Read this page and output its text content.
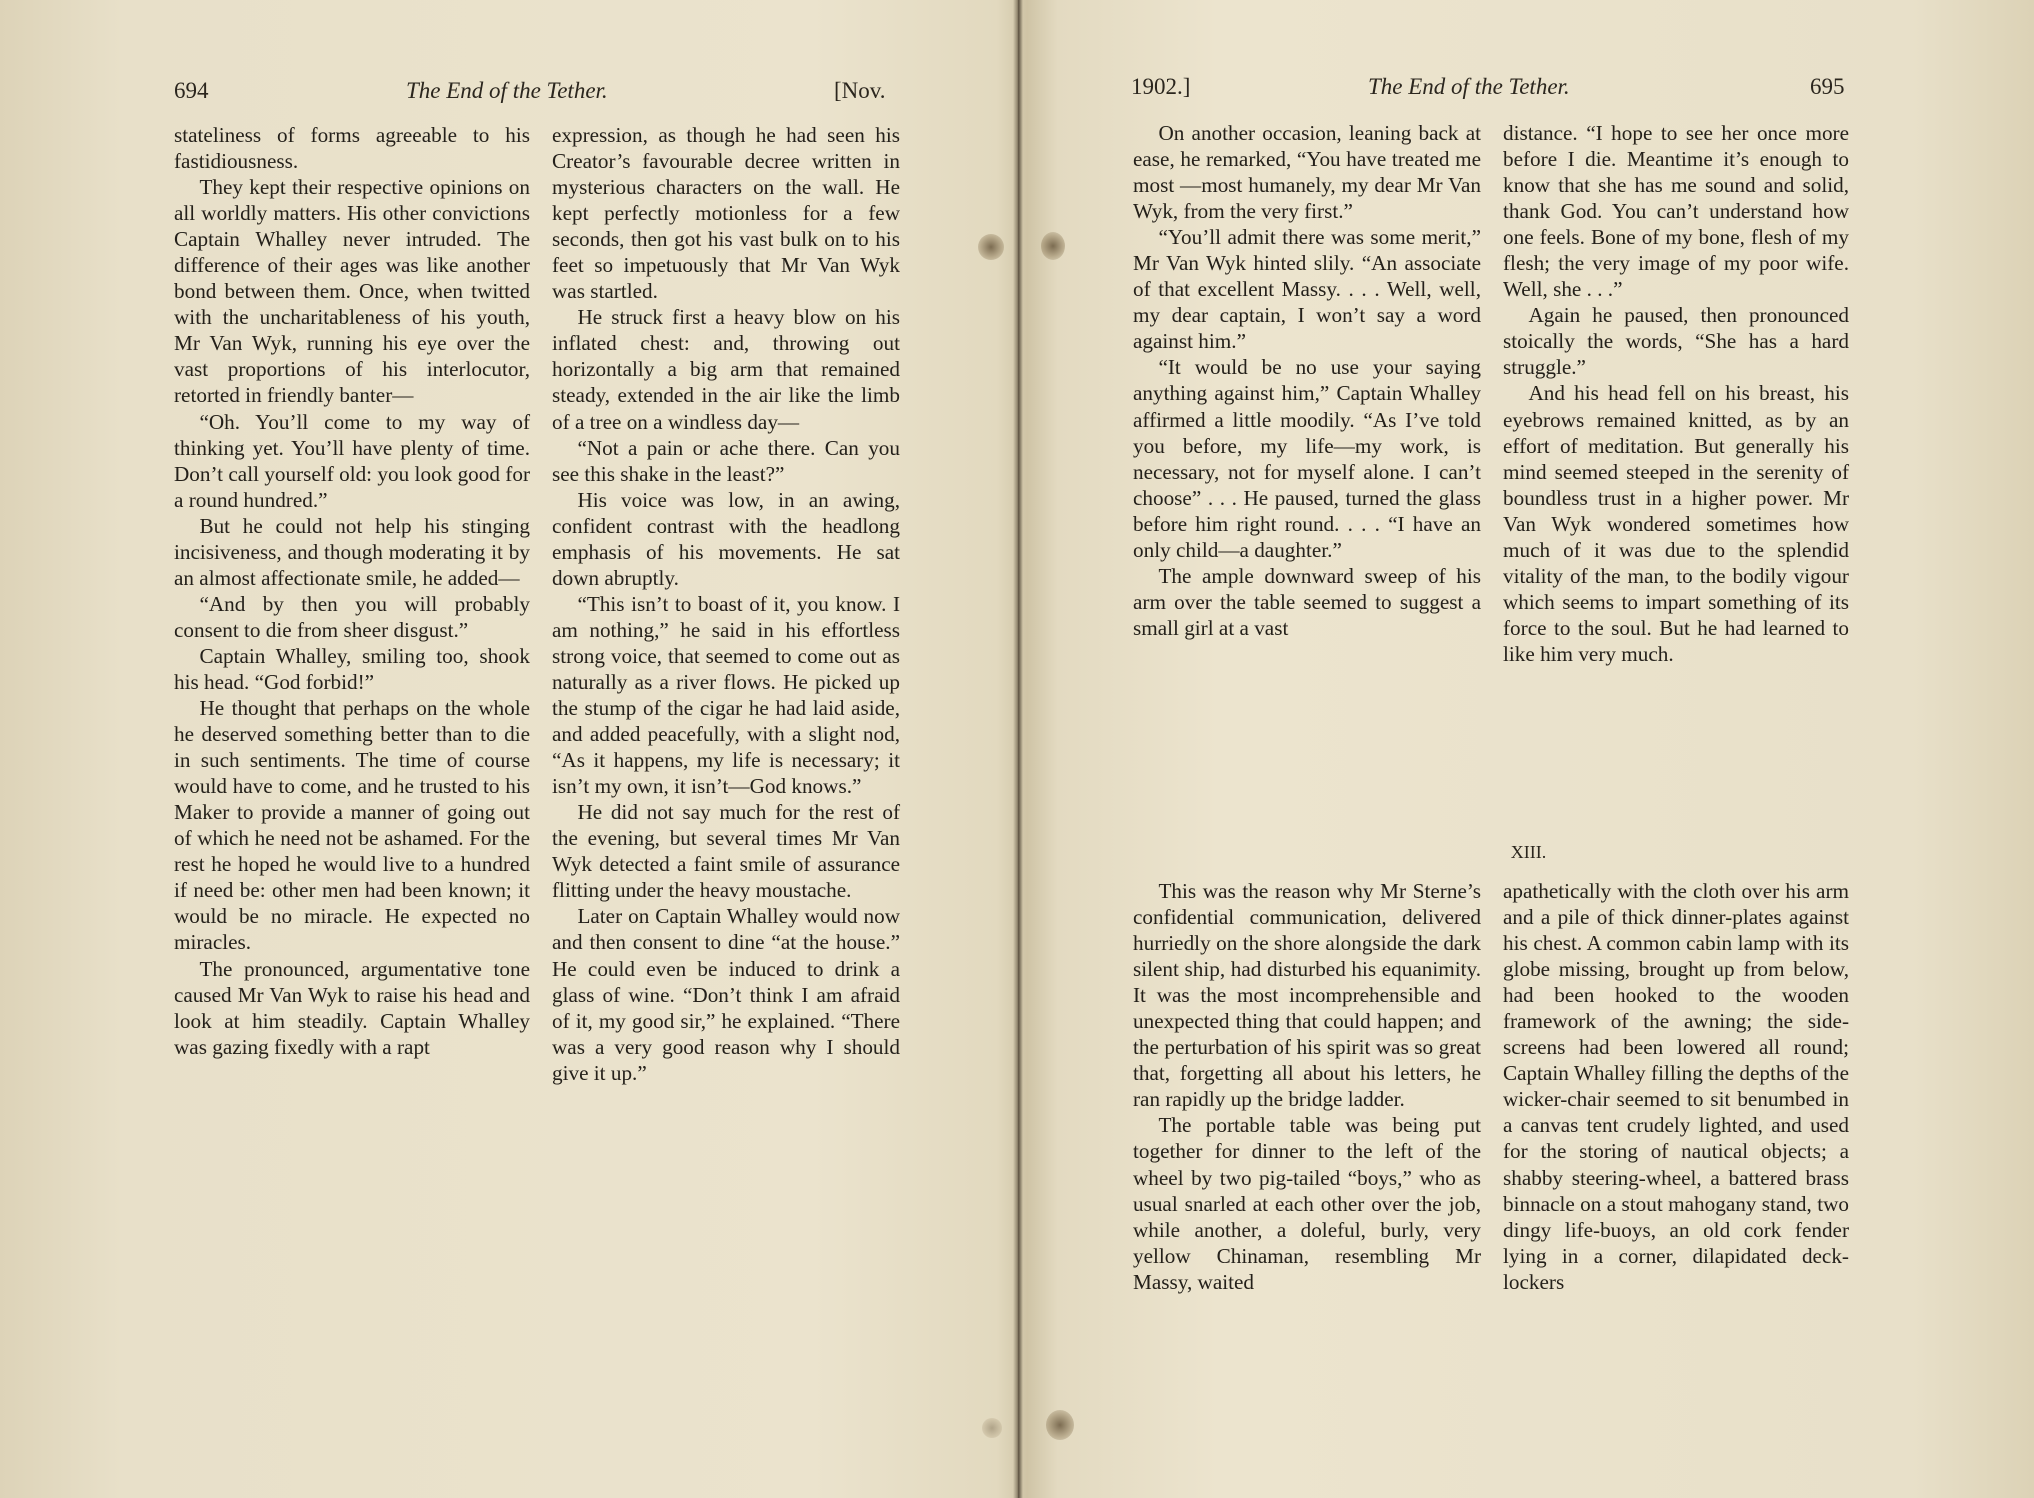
694	The End of the Tether.	[Nov.

stateliness of forms agreeable to his fastidiousness.

They kept their respective opinions on all worldly matters. His other convictions Captain Whalley never intruded. The difference of their ages was like another bond between them. Once, when twitted with the uncharitableness of his youth, Mr Van Wyk, running his eye over the vast proportions of his interlocutor, retorted in friendly banter—

“Oh. You’ll come to my way of thinking yet. You’ll have plenty of time. Don’t call yourself old: you look good for a round hundred.”

But he could not help his stinging incisiveness, and though moderating it by an almost affectionate smile, he added—

“And by then you will probably consent to die from sheer disgust.”

Captain Whalley, smiling too, shook his head. “God forbid!”

He thought that perhaps on the whole he deserved something better than to die in such sentiments. The time of course would have to come, and he trusted to his Maker to provide a manner of going out of which he need not be ashamed. For the rest he hoped he would live to a hundred if need be: other men had been known; it would be no miracle. He expected no miracles.

The pronounced, argumentative tone caused Mr Van Wyk to raise his head and look at him steadily. Captain Whalley was gazing fixedly with a rapt

expression, as though he had seen his Creator’s favourable decree written in mysterious characters on the wall. He kept perfectly motionless for a few seconds, then got his vast bulk on to his feet so impetuously that Mr Van Wyk was startled.

He struck first a heavy blow on his inflated chest: and, throwing out horizontally a big arm that remained steady, extended in the air like the limb of a tree on a windless day—

“Not a pain or ache there. Can you see this shake in the least?”

His voice was low, in an awing, confident contrast with the headlong emphasis of his movements. He sat down abruptly.

“This isn’t to boast of it, you know. I am nothing,” he said in his effortless strong voice, that seemed to come out as naturally as a river flows. He picked up the stump of the cigar he had laid aside, and added peacefully, with a slight nod, “As it happens, my life is necessary; it isn’t my own, it isn’t—God knows.”

He did not say much for the rest of the evening, but several times Mr Van Wyk detected a faint smile of assurance flitting under the heavy moustache.

Later on Captain Whalley would now and then consent to dine “at the house.” He could even be induced to drink a glass of wine. “Don’t think I am afraid of it, my good sir,” he explained. “There was a very good reason why I should give it up.”

1902.]	The End of the Tether.	695

On another occasion, leaning back at ease, he remarked, “You have treated me most —most humanely, my dear Mr Van Wyk, from the very first.”

“You’ll admit there was some merit,” Mr Van Wyk hinted slily. “An associate of that excellent Massy. . . . Well, well, my dear captain, I won’t say a word against him.”

“It would be no use your saying anything against him,” Captain Whalley affirmed a little moodily. “As I’ve told you before, my life—my work, is necessary, not for myself alone. I can’t choose” . . . He paused, turned the glass before him right round. . . . “I have an only child—a daughter.”

The ample downward sweep of his arm over the table seemed to suggest a small girl at a vast

distance. “I hope to see her once more before I die. Meantime it’s enough to know that she has me sound and solid, thank God. You can’t understand how one feels. Bone of my bone, flesh of my flesh; the very image of my poor wife. Well, she . . .”

Again he paused, then pronounced stoically the words, “She has a hard struggle.”

And his head fell on his breast, his eyebrows remained knitted, as by an effort of meditation. But generally his mind seemed steeped in the serenity of boundless trust in a higher power. Mr Van Wyk wondered sometimes how much of it was due to the splendid vitality of the man, to the bodily vigour which seems to impart something of its force to the soul. But he had learned to like him very much.

XIII.

This was the reason why Mr Sterne’s confidential communication, delivered hurriedly on the shore alongside the dark silent ship, had disturbed his equanimity. It was the most incomprehensible and unexpected thing that could happen; and the perturbation of his spirit was so great that, forgetting all about his letters, he ran rapidly up the bridge ladder.

The portable table was being put together for dinner to the left of the wheel by two pig-tailed “boys,” who as usual snarled at each other over the job, while another, a doleful, burly, very yellow Chinaman, resembling Mr Massy, waited

apathetically with the cloth over his arm and a pile of thick dinner-plates against his chest. A common cabin lamp with its globe missing, brought up from below, had been hooked to the wooden framework of the awning; the side-screens had been lowered all round; Captain Whalley filling the depths of the wicker-chair seemed to sit benumbed in a canvas tent crudely lighted, and used for the storing of nautical objects; a shabby steering-wheel, a battered brass binnacle on a stout mahogany stand, two dingy life-buoys, an old cork fender lying in a corner, dilapidated deck-lockers
